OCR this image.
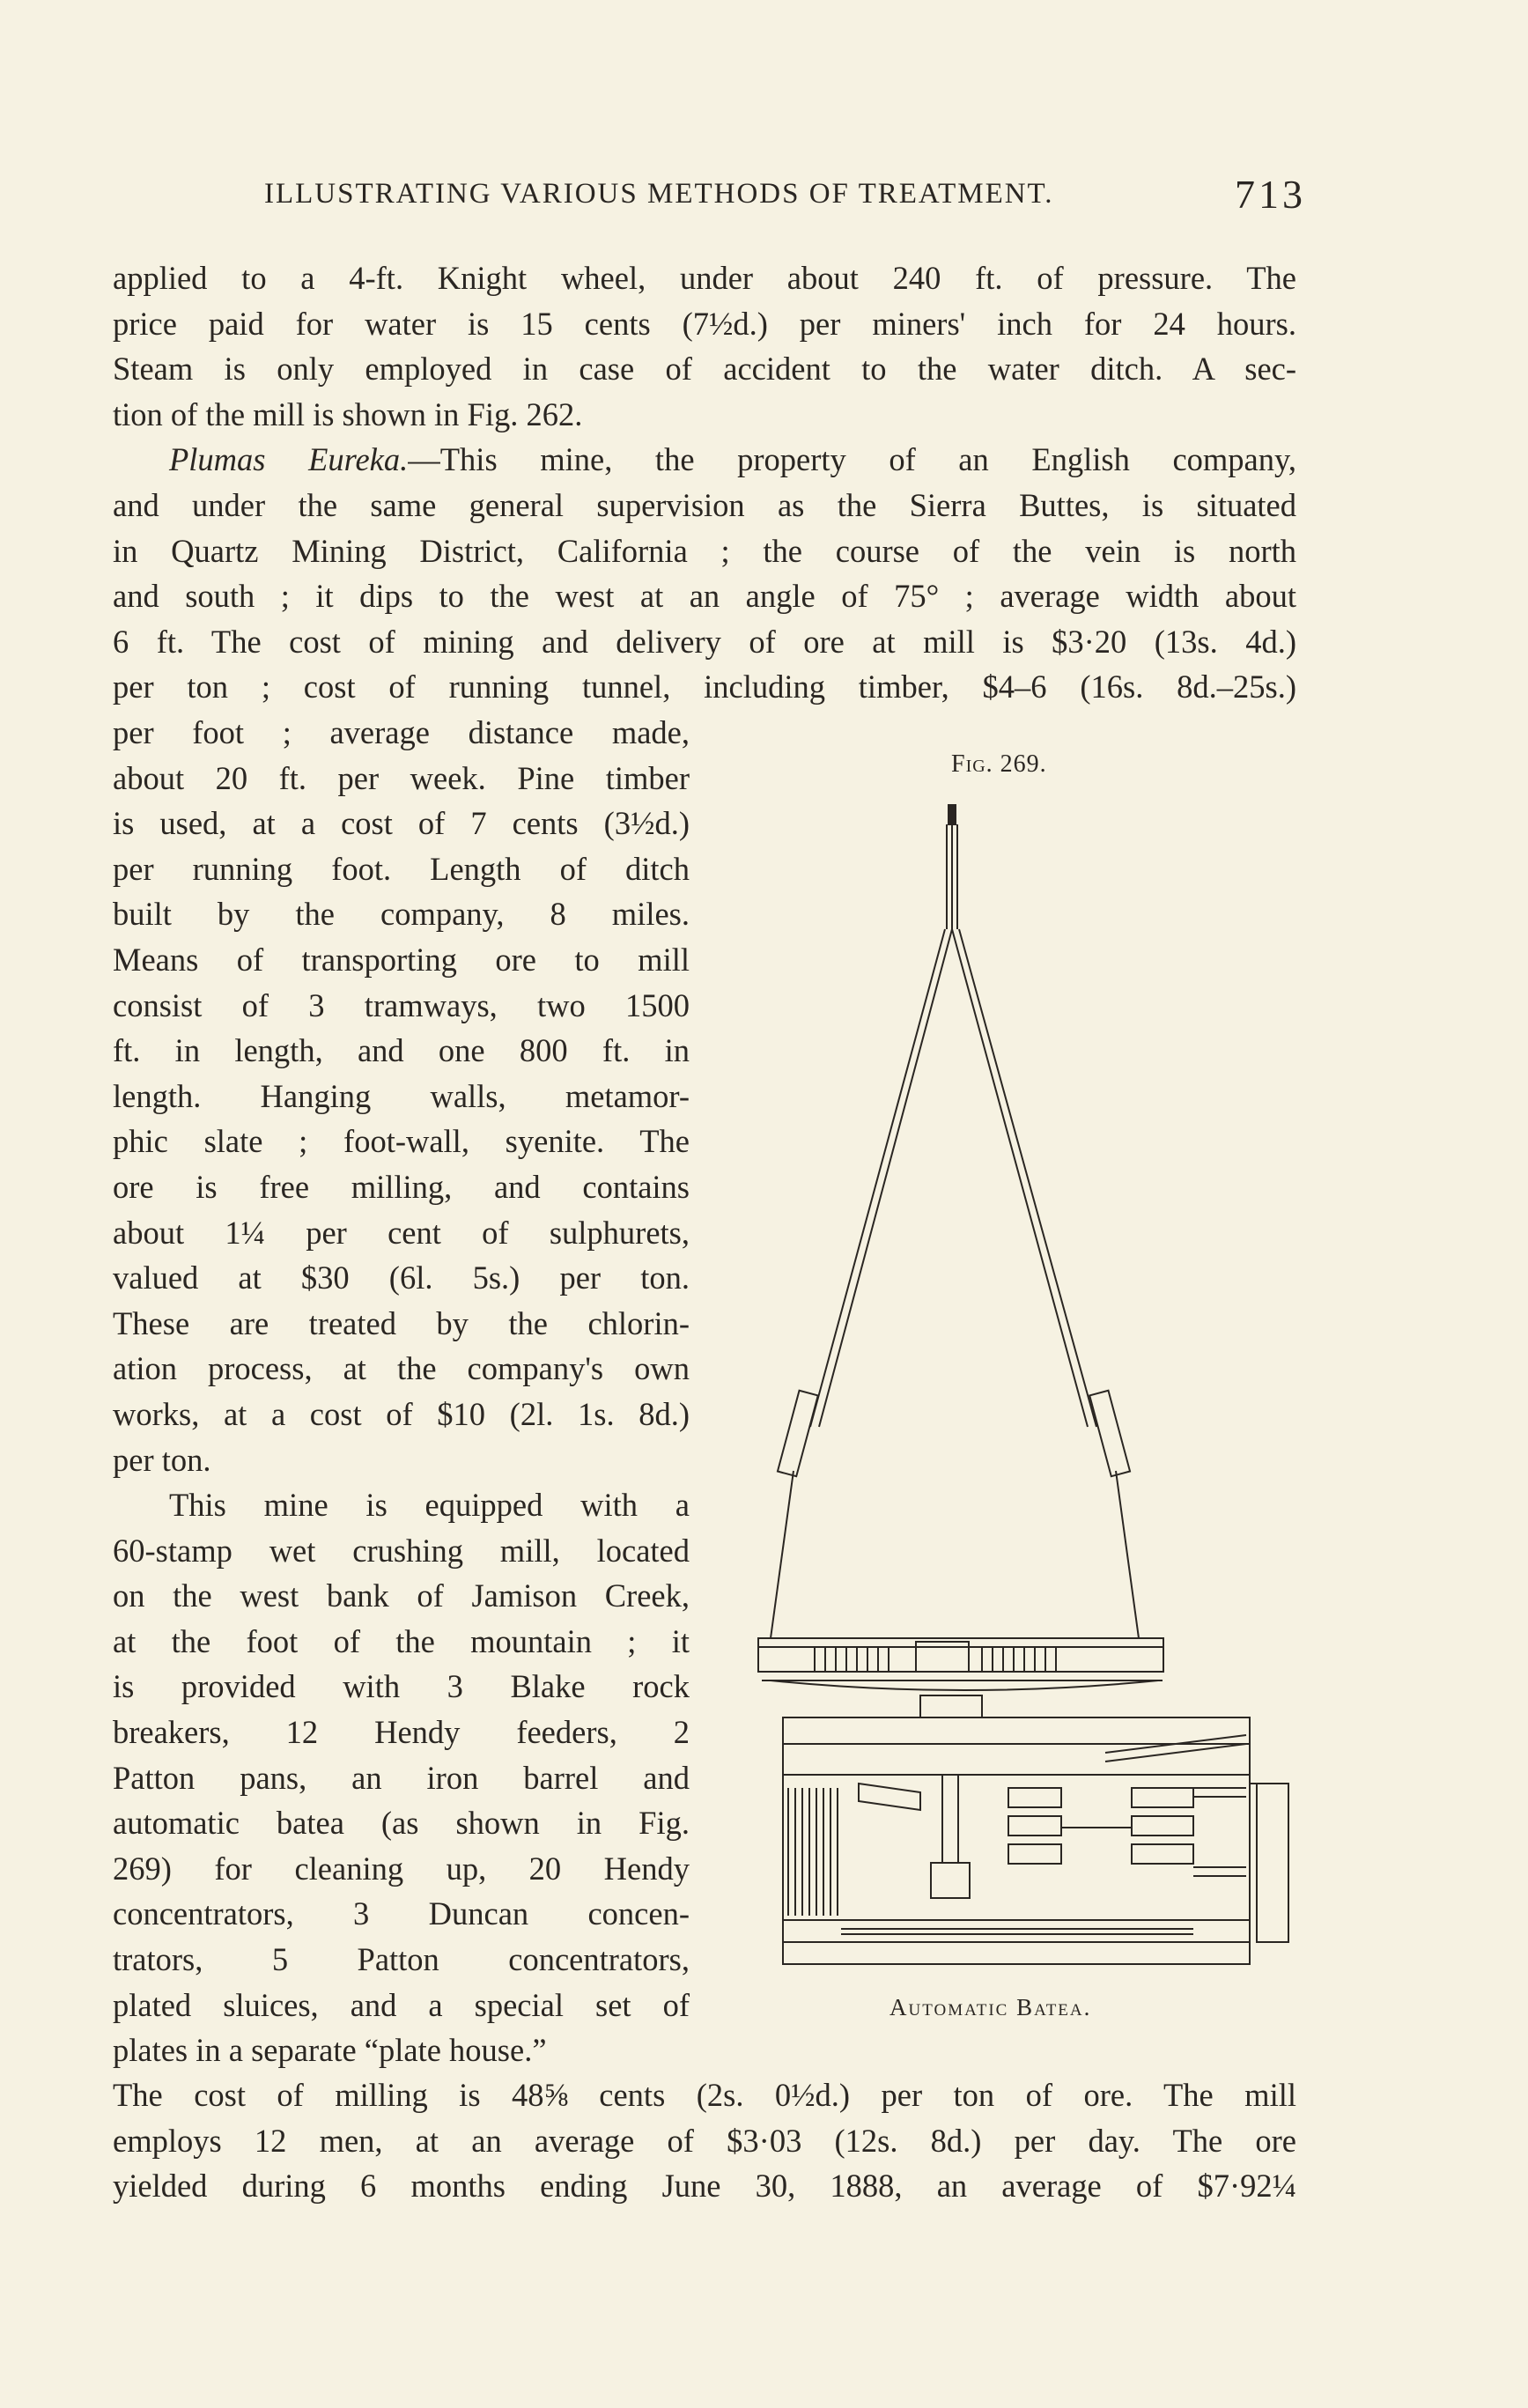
ILLUSTRATING VARIOUS METHODS OF TREATMENT.	713
applied to a 4-ft. Knight wheel, under about 240 ft. of pressure. The
price paid for water is 15 cents (7½d.) per miners' inch for 24 hours.
Steam is only employed in case of accident to the water ditch. A sec-
tion of the mill is shown in Fig. 262.
Plumas Eureka.—This mine, the property of an English company,
and under the same general supervision as the Sierra Buttes, is situated
in Quartz Mining District, California ; the course of the vein is north
and south ; it dips to the west at an angle of 75° ; average width about
6 ft. The cost of mining and delivery of ore at mill is $3·20 (13s. 4d.)
per ton ; cost of running tunnel, including timber, $4–6 (16s. 8d.–25s.)
per foot ; average distance made,
about 20 ft. per week. Pine timber
is used, at a cost of 7 cents (3½d.)
per running foot. Length of ditch
built by the company, 8 miles.
Means of transporting ore to mill
consist of 3 tramways, two 1500
ft. in length, and one 800 ft. in
length. Hanging walls, metamor-
phic slate ; foot-wall, syenite. The
ore is free milling, and contains
about 1¼ per cent of sulphurets,
valued at $30 (6l. 5s.) per ton.
These are treated by the chlorin-
ation process, at the company's own
works, at a cost of $10 (2l. 1s. 8d.)
per ton.
This mine is equipped with a
60-stamp wet crushing mill, located
on the west bank of Jamison Creek,
at the foot of the mountain ; it
is provided with 3 Blake rock
breakers, 12 Hendy feeders, 2
Patton pans, an iron barrel and
automatic batea (as shown in Fig.
269) for cleaning up, 20 Hendy
concentrators, 3 Duncan concen-
trators, 5 Patton concentrators,
plated sluices, and a special set of
plates in a separate “plate house.”
Fig. 269.
Automatic Batea.
The cost of milling is 48⅝ cents (2s. 0½d.) per ton of ore. The mill
employs 12 men, at an average of $3·03 (12s. 8d.) per day. The ore
yielded during 6 months ending June 30, 1888, an average of $7·92¼
